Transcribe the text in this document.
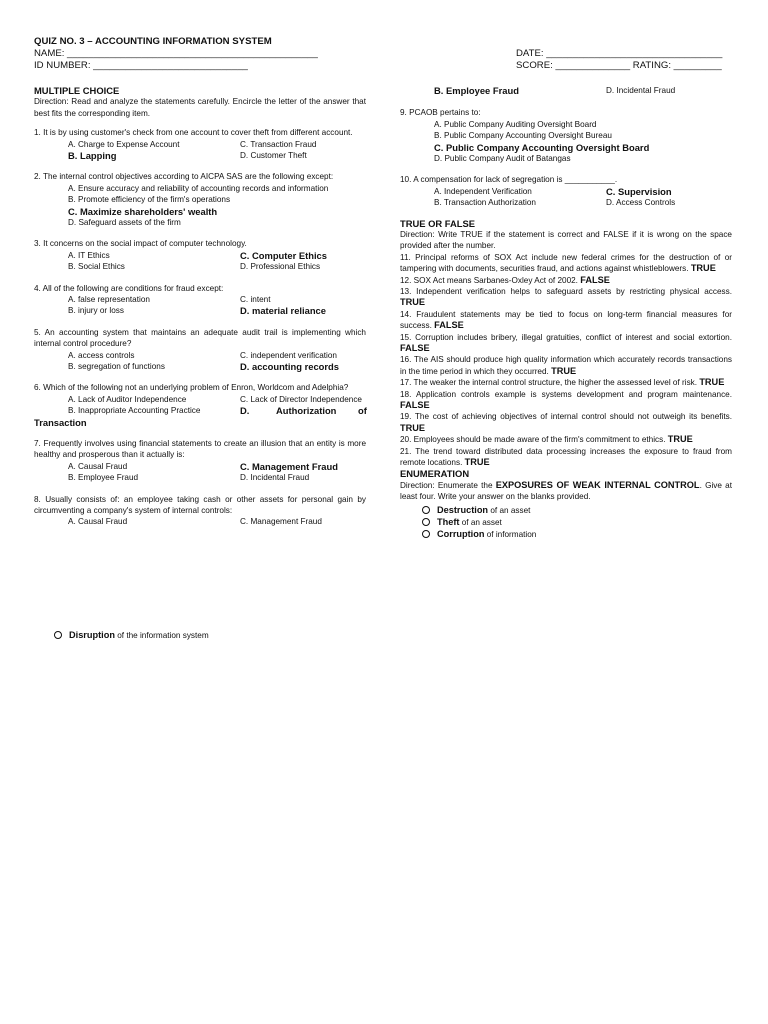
QUIZ NO. 3 – ACCOUNTING INFORMATION SYSTEM
NAME: _______________________________________________
ID NUMBER: _____________________________
DATE: _________________________________
SCORE: ______________ RATING: _________
MULTIPLE CHOICE
Direction: Read and analyze the statements carefully. Encircle the letter of the answer that best fits the corresponding item.
1. It is by using customer's check from one account to cover theft from different account.
A. Charge to Expense Account	C. Transaction Fraud
B. Lapping	D. Customer Theft
2. The internal control objectives according to AICPA SAS are the following except:
A. Ensure accuracy and reliability of accounting records and information
B. Promote efficiency of the firm's operations
C. Maximize shareholders' wealth
D. Safeguard assets of the firm
3. It concerns on the social impact of computer technology.
A. IT Ethics	C. Computer Ethics
B. Social Ethics	D. Professional Ethics
4. All of the following are conditions for fraud except:
A. false representation	C. intent
B. injury or loss	D. material reliance
5. An accounting system that maintains an adequate audit trail is implementing which internal control procedure?
A. access controls	C. independent verification
B. segregation of functions	D. accounting records
6. Which of the following not an underlying problem of Enron, Worldcom and Adelphia?
A. Lack of Auditor Independence	C. Lack of Director Independence
B. Inappropriate Accounting Practice	D.	Authorization of
Transaction
7. Frequently involves using financial statements to create an illusion that an entity is more healthy and prosperous than it actually is:
A. Causal Fraud	C. Management Fraud
B. Employee Fraud	D. Incidental Fraud
8. Usually consists of: an employee taking cash or other assets for personal gain by circumventing a company's system of internal controls:
A. Causal Fraud	C. Management Fraud
Disruption of the information system
B. Employee Fraud	D. Incidental Fraud
9. PCAOB pertains to:
A. Public Company Auditing Oversight Board
B. Public Company Accounting Oversight Bureau
C. Public Company Accounting Oversight Board
D. Public Company Audit of Batangas
10. A compensation for lack of segregation is ___________.
A. Independent Verification	C. Supervision
B. Transaction Authorization	D. Access Controls
TRUE OR FALSE
Direction: Write TRUE if the statement is correct and FALSE if it is wrong on the space provided after the number.
11. Principal reforms of SOX Act include new federal crimes for the destruction of or tampering with documents, securities fraud, and actions against whistleblowers. TRUE
12. SOX Act means Sarbanes-Oxley Act of 2002. FALSE
13. Independent verification helps to safeguard assets by restricting physical access. TRUE
14. Fraudulent statements may be tied to focus on long-term financial measures for success. FALSE
15. Corruption includes bribery, illegal gratuities, conflict of interest and social extortion. FALSE
16. The AIS should produce high quality information which accurately records transactions in the time period in which they occurred. TRUE
17. The weaker the internal control structure, the higher the assessed level of risk. TRUE
18. Application controls example is systems development and program maintenance. FALSE
19. The cost of achieving objectives of internal control should not outweigh its benefits. TRUE
20. Employees should be made aware of the firm's commitment to ethics. TRUE
21. The trend toward distributed data processing increases the exposure to fraud from remote locations. TRUE
ENUMERATION
Direction: Enumerate the EXPOSURES OF WEAK INTERNAL CONTROL. Give at least four. Write your answer on the blanks provided.
Destruction of an asset
Theft of an asset
Corruption of information
